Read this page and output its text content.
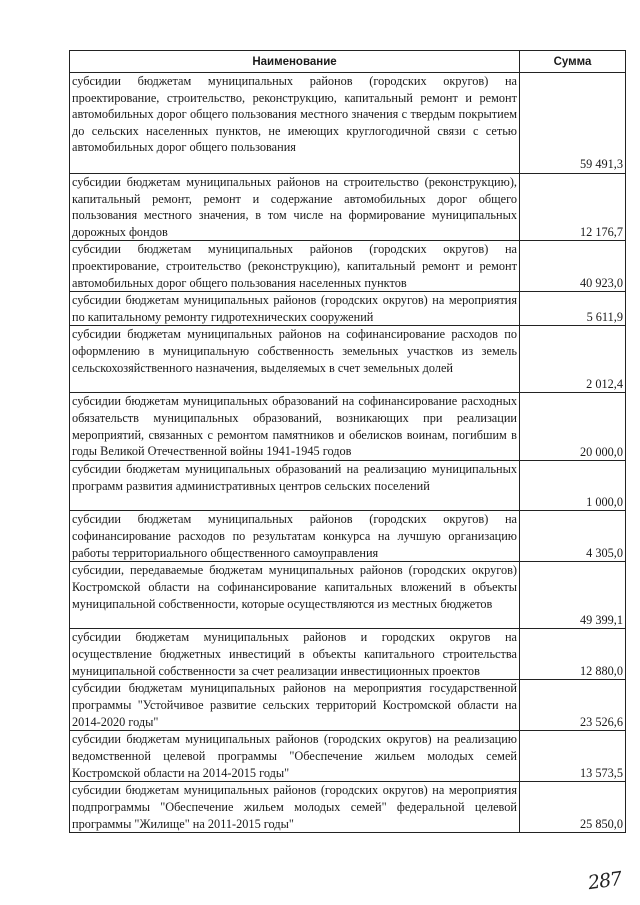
Наименование	Сумма
субсидии бюджетам муниципальных районов (городских округов) на проектирование, строительство, реконструкцию, капитальный ремонт и ремонт автомобильных дорог общего пользования местного значения с твердым покрытием до сельских населенных пунктов, не имеющих круглогодичной связи с сетью автомобильных дорог общего пользования	59 491,3
субсидии бюджетам муниципальных районов на строительство (реконструкцию), капитальный ремонт, ремонт и содержание автомобильных дорог общего пользования местного значения, в том числе на формирование муниципальных дорожных фондов	12 176,7
субсидии бюджетам муниципальных районов (городских округов) на проектирование, строительство (реконструкцию), капитальный ремонт и ремонт автомобильных дорог общего пользования населенных пунктов	40 923,0
субсидии бюджетам муниципальных районов (городских округов) на мероприятия по капитальному ремонту гидротехнических сооружений	5 611,9
субсидии бюджетам муниципальных районов на софинансирование расходов по оформлению в муниципальную собственность земельных участков из земель сельскохозяйственного назначения, выделяемых в счет земельных долей	2 012,4
субсидии бюджетам муниципальных образований на софинансирование расходных обязательств муниципальных образований, возникающих при реализации мероприятий, связанных с ремонтом памятников и обелисков воинам, погибшим в годы Великой Отечественной войны 1941-1945 годов	20 000,0
субсидии бюджетам муниципальных образований на реализацию муниципальных программ развития административных центров сельских поселений	1 000,0
субсидии бюджетам муниципальных районов (городских округов) на софинансирование расходов по результатам конкурса на лучшую организацию работы территориального общественного самоуправления	4 305,0
субсидии, передаваемые бюджетам муниципальных районов (городских округов) Костромской области на софинансирование капитальных вложений в объекты муниципальной собственности, которые осуществляются из местных бюджетов	49 399,1
субсидии бюджетам муниципальных районов и городских округов на осуществление бюджетных инвестиций в объекты капитального строительства муниципальной собственности за счет реализации инвестиционных проектов	12 880,0
субсидии бюджетам муниципальных районов на мероприятия государственной программы "Устойчивое развитие сельских территорий Костромской области на 2014-2020 годы"	23 526,6
субсидии бюджетам муниципальных районов (городских округов) на реализацию ведомственной целевой программы "Обеспечение жильем молодых семей Костромской области на 2014-2015 годы"	13 573,5
субсидии бюджетам муниципальных районов (городских округов) на мероприятия подпрограммы "Обеспечение жильем молодых семей" федеральной целевой программы "Жилище" на 2011-2015 годы"	25 850,0
287
